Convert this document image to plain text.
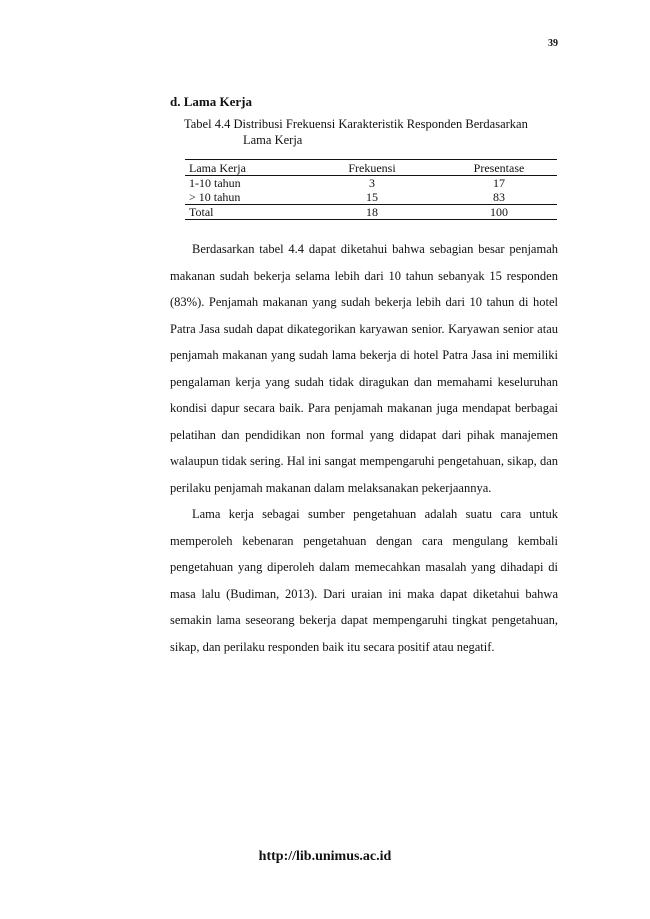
39
d. Lama Kerja
Tabel 4.4 Distribusi Frekuensi Karakteristik Responden Berdasarkan
Lama Kerja
Lama Kerja	Frekuensi	Presentase
1-10 tahun	3	17
> 10 tahun	15	83
Total	18	100

Berdasarkan tabel 4.4 dapat diketahui bahwa sebagian besar penjamah makanan sudah bekerja selama lebih dari 10 tahun sebanyak 15 responden (83%). Penjamah makanan yang sudah bekerja lebih dari 10 tahun di hotel Patra Jasa sudah dapat dikategorikan karyawan senior. Karyawan senior atau penjamah makanan yang sudah lama bekerja di hotel Patra Jasa ini memiliki pengalaman kerja yang sudah tidak diragukan dan memahami keseluruhan kondisi dapur secara baik. Para penjamah makanan juga mendapat berbagai pelatihan dan pendidikan non formal yang didapat dari pihak manajemen walaupun tidak sering. Hal ini sangat mempengaruhi pengetahuan, sikap, dan perilaku penjamah makanan dalam melaksanakan pekerjaannya.

Lama kerja sebagai sumber pengetahuan adalah suatu cara untuk memperoleh kebenaran pengetahuan dengan cara mengulang kembali pengetahuan yang diperoleh dalam memecahkan masalah yang dihadapi di masa lalu (Budiman, 2013). Dari uraian ini maka dapat diketahui bahwa semakin lama seseorang bekerja dapat mempengaruhi tingkat pengetahuan, sikap, dan perilaku responden baik itu secara positif atau negatif.

http://lib.unimus.ac.id
